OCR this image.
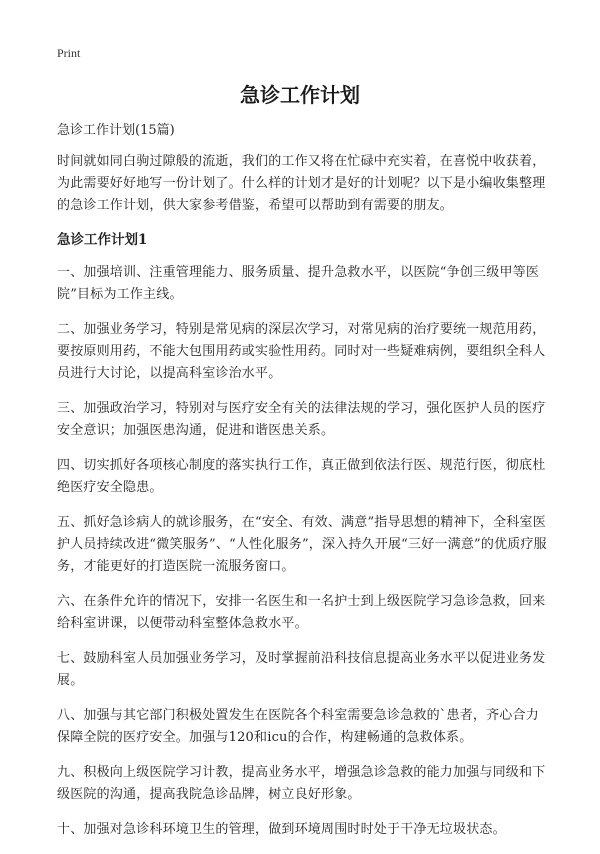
Print
急诊工作计划
急诊工作计划(15篇)

时间就如同白驹过隙般的流逝，我们的工作又将在忙碌中充实着，在喜悦中收获着，为此需要好好地写一份计划了。什么样的计划才是好的计划呢？以下是小编收集整理的急诊工作计划，供大家参考借鉴，希望可以帮助到有需要的朋友。

急诊工作计划1

一、加强培训、注重管理能力、服务质量、提升急救水平，以医院“争创三级甲等医院”目标为工作主线。

二、加强业务学习，特别是常见病的深层次学习，对常见病的治疗要统一规范用药，要按原则用药，不能大包围用药或实验性用药。同时对一些疑难病例，要组织全科人员进行大讨论，以提高科室诊治水平。

三、加强政治学习，特别对与医疗安全有关的法律法规的学习，强化医护人员的医疗安全意识；加强医患沟通，促进和谐医患关系。

四、切实抓好各项核心制度的落实执行工作，真正做到依法行医、规范行医，彻底杜绝医疗安全隐患。

五、抓好急诊病人的就诊服务，在“安全、有效、满意”指导思想的精神下，全科室医护人员持续改进“微笑服务”、“人性化服务”，深入持久开展“三好一满意”的优质疗服务，才能更好的打造医院一流服务窗口。

六、在条件允许的情况下，安排一名医生和一名护士到上级医院学习急诊急救，回来给科室讲课，以便带动科室整体急救水平。

七、鼓励科室人员加强业务学习，及时掌握前沿科技信息提高业务水平以促进业务发展。

八、加强与其它部门积极处置发生在医院各个科室需要急诊急救的`患者，齐心合力保障全院的医疗安全。加强与120和icu的合作，构建畅通的急救体系。

九、积极向上级医院学习计教，提高业务水平，增强急诊急救的能力加强与同级和下级医院的沟通，提高我院急诊品牌，树立良好形象。

十、加强对急诊科环境卫生的管理，做到环境周围时时处于干净无垃圾状态。
